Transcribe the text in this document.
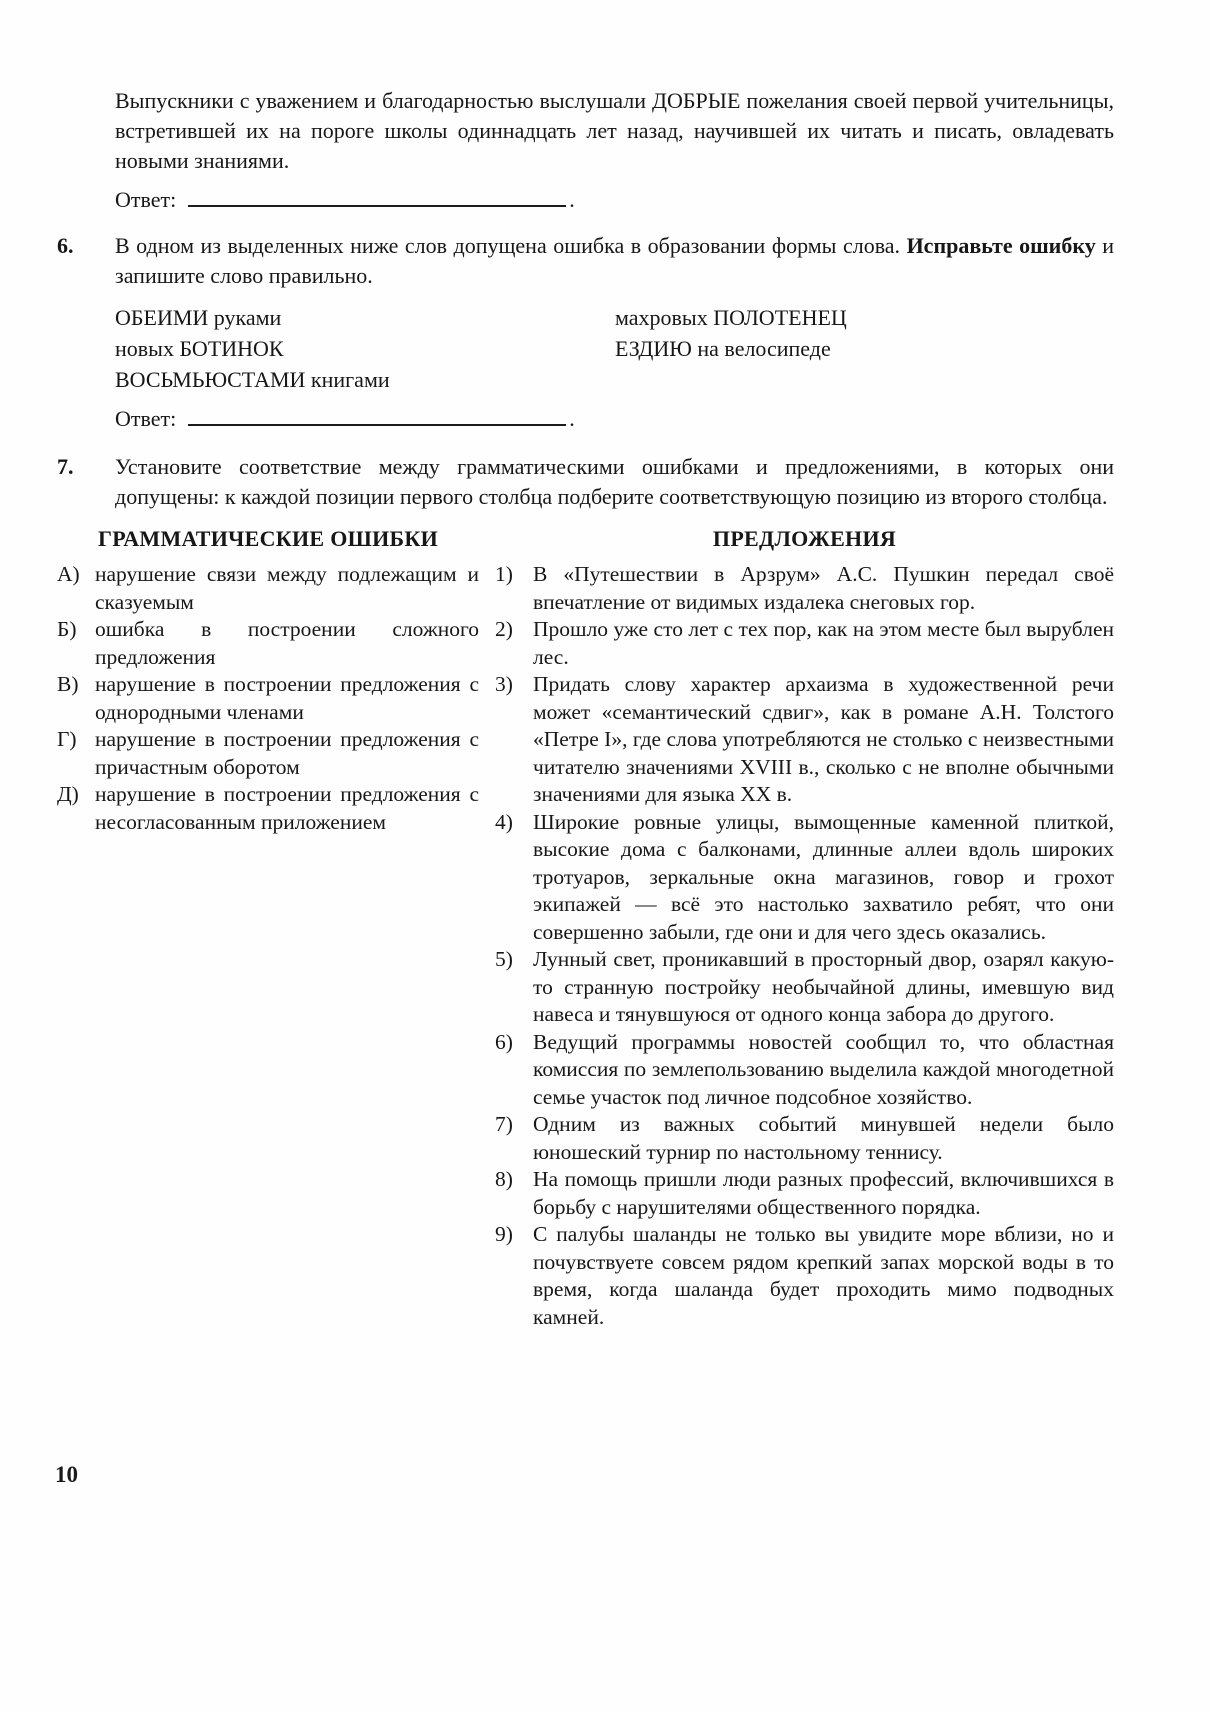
Выпускники с уважением и благодарностью выслушали ДОБРЫЕ пожелания своей первой учительницы, встретившей их на пороге школы одиннадцать лет назад, научившей их читать и писать, овладевать новыми знаниями.

Ответ:	.
6. В одном из выделенных ниже слов допущена ошибка в образовании формы слова. Исправьте ошибку и запишите слово правильно.

ОБЕИМИ руками
новых БОТИНОК
ВОСЬМЬЮСТАМИ книгами
махровых ПОЛОТЕНЕЦ
ЕЗДИЮ на велосипеде
Ответ:	.
7. Установите соответствие между грамматическими ошибками и предложениями, в которых они допущены: к каждой позиции первого столбца подберите соответствующую позицию из второго столбца.

ГРАММАТИЧЕСКИЕ ОШИБКИ
А) нарушение связи между подлежащим и сказуемым
Б) ошибка в построении сложного предложения
В) нарушение в построении предложения с однородными членами
Г) нарушение в построении предложения с причастным оборотом
Д) нарушение в построении предложения с несогласованным приложением
ПРЕДЛОЖЕНИЯ
1) В «Путешествии в Арзрум» А.С. Пушкин передал своё впечатление от видимых издалека снеговых гор.
2) Прошло уже сто лет с тех пор, как на этом месте был вырублен лес.
3) Придать слову характер архаизма в художественной речи может «семантический сдвиг», как в романе А.Н. Толстого «Петре I», где слова употребляются не столько с неизвестными читателю значениями XVIII в., сколько с не вполне обычными значениями для языка XX в.
4) Широкие ровные улицы, вымощенные каменной плиткой, высокие дома с балконами, длинные аллеи вдоль широких тротуаров, зеркальные окна магазинов, говор и грохот экипажей — всё это настолько захватило ребят, что они совершенно забыли, где они и для чего здесь оказались.
5) Лунный свет, проникавший в просторный двор, озарял какую-то странную постройку необычайной длины, имевшую вид навеса и тянувшуюся от одного конца забора до другого.
6) Ведущий программы новостей сообщил то, что областная комиссия по землепользованию выделила каждой многодетной семье участок под личное подсобное хозяйство.
7) Одним из важных событий минувшей недели было юношеский турнир по настольному теннису.
8) На помощь пришли люди разных профессий, включившихся в борьбу с нарушителями общественного порядка.
9) С палубы шаланды не только вы увидите море вблизи, но и почувствуете совсем рядом крепкий запах морской воды в то время, когда шаланда будет проходить мимо подводных камней.
10
